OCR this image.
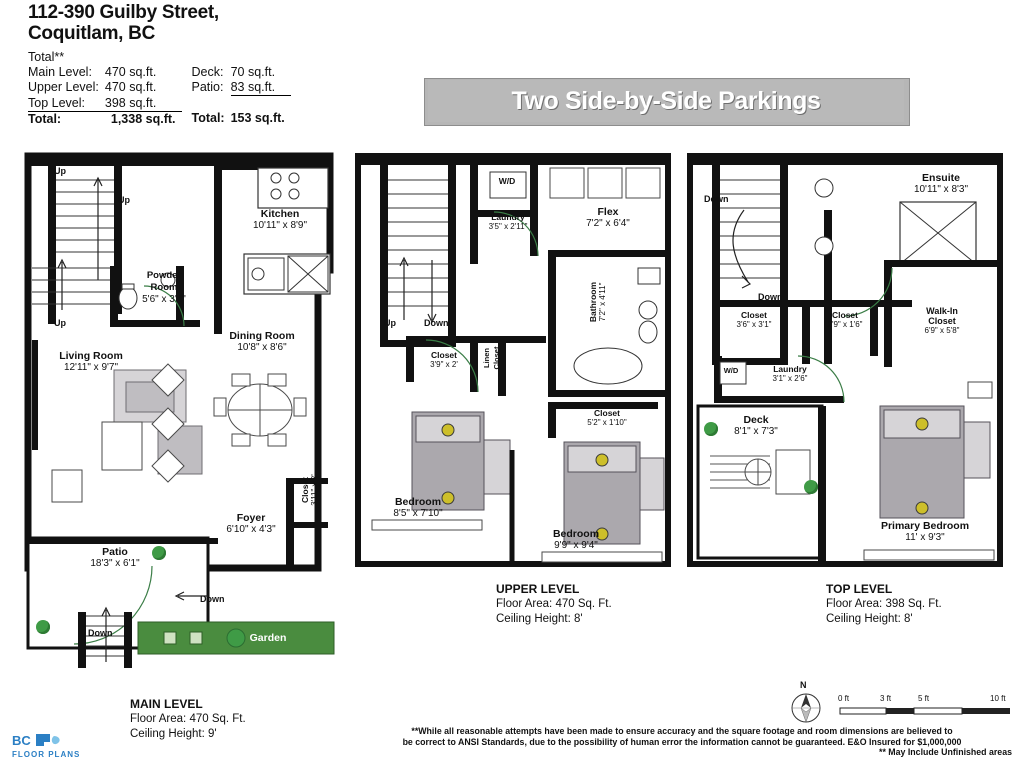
112-390 Guilby Street,
Coquitlam, BC
Total**
Main Level:	470 sq.ft.	Deck:	70 sq.ft.
Upper Level:	470 sq.ft.	Patio:	83 sq.ft.
Top Level:	398 sq.ft.		
Total:	1,338 sq.ft.	Total:	153 sq.ft.
Two Side-by-Side Parkings
Up
Up
Up
Down
Down
Kitchen
10'11" x 8'9"
Powder
Room
5'6" x 3'4"
Dining Room
10'8" x 8'6"
Living Room
12'11" x 9'7"
Foyer
6'10" x 4'3"
Closet 3'11" x 2'
Patio
18'3" x 6'1"
Garden
MAIN LEVEL
Floor Area: 470 Sq. Ft.
Ceiling Height: 9'
Up	Down
W/D
Laundry
3'5" x 2'11"
Flex
7'2" x 6'4"
Bathroom 7'2" x 4'11"
Closet
3'9" x 2'	Linen Closet
Closet
5'2" x 1'10"
Bedroom
8'5" x 7'10"
Bedroom
9'9" x 9'4"
UPPER LEVEL
Floor Area: 470 Sq. Ft.
Ceiling Height: 8'
Down
Down
Ensuite
10'11" x 8'3"
Closet
3'6" x 3'1"
Closet
2'9" x 1'6"
Walk-In
Closet
6'9" x 5'8"
W/D	Laundry
3'1" x 2'6"
Deck
8'1" x 7'3"
Primary Bedroom
11' x 9'3"
TOP LEVEL
Floor Area: 398 Sq. Ft.
Ceiling Height: 8'
N
0 ft	3 ft	5 ft	10 ft
**While all reasonable attempts have been made to ensure accuracy and the square footage and room dimensions are believed to
be correct to ANSI Standards, due to the possibility of human error the information cannot be guaranteed. E&O Insured for $1,000,000
** May Include Unfinished areas
BC
FLOOR PLANS
